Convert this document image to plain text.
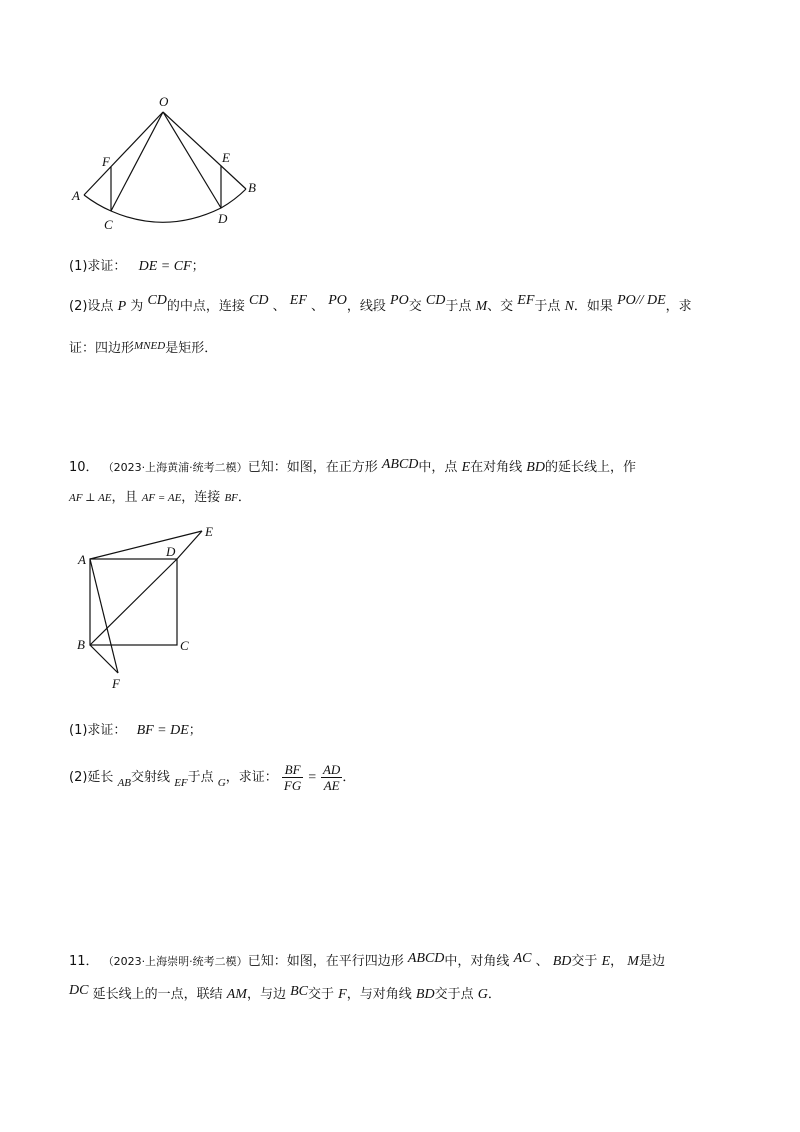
O
F	E
A
B
C	D
(1)求证： DE = CF；
(2)设点 P 为 CD的中点，连接 CD 、 EF 、 PO，线段 PO交 CD于点 M、交 EF于点 N．如果 PO// DE，求
证：四边形$^{MNED}$是矩形．
10． （2023·上海黄浦·统考二模）已知：如图，在正方形 ABCD中，点 E在对角线 BD的延长线上，作
AF ⊥ AE，且 AF = AE，连接 BF．
A
D
E
B	C
F
(1)求证： BF = DE；
(2)延长 $_{AB}$交射线 $_{EF}$于点 $_G$，求证： $\frac{BF}{FG} = \frac{AD}{AE}$ ．
11． （2023·上海崇明·统考二模）已知：如图，在平行四边形 ABCD中，对角线 AC 、 BD交于 E， M是边
DC 延长线上的一点，联结 AM，与边 BC交于 F，与对角线 BD交于点 G．
